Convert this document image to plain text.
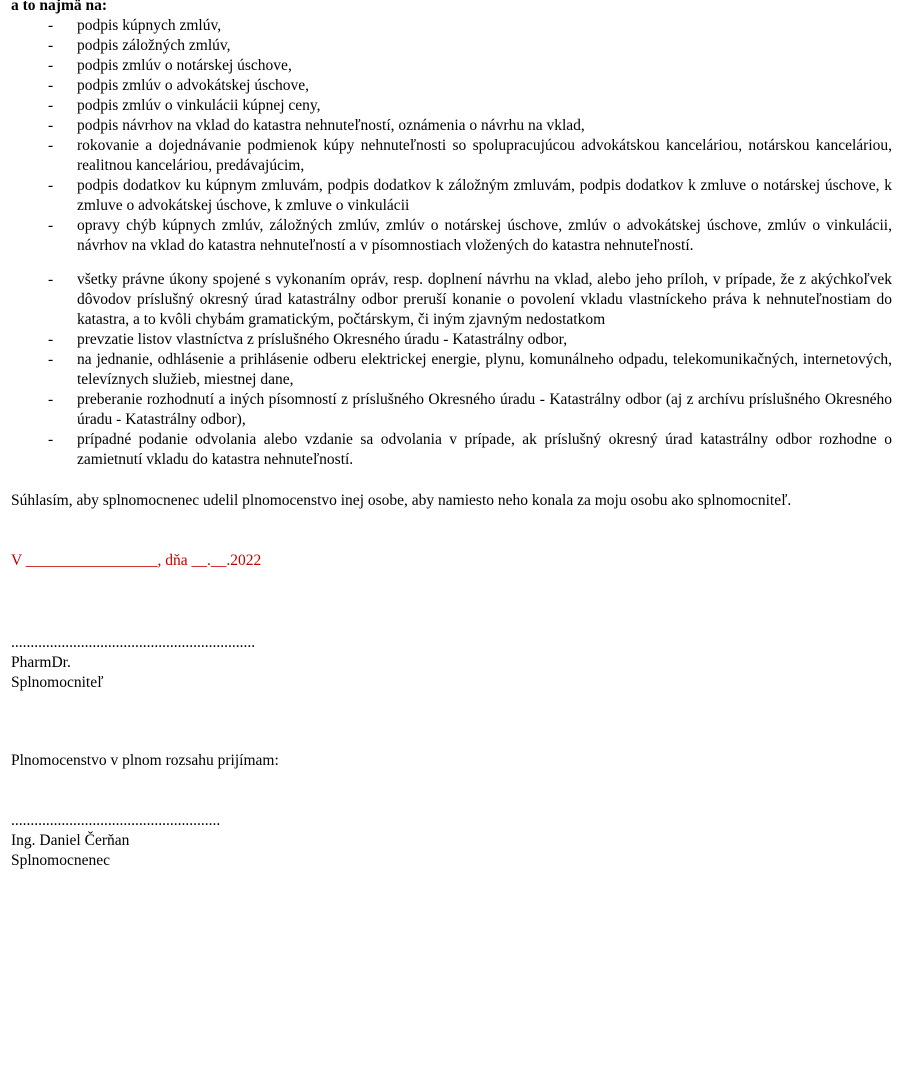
a to najmä na:
- podpis kúpnych zmlúv,
- podpis záložných zmlúv,
- podpis zmlúv o notárskej úschove,
- podpis zmlúv o advokátskej úschove,
- podpis zmlúv o vinkulácii kúpnej ceny,
- podpis návrhov na vklad do katastra nehnuteľností, oznámenia o návrhu na vklad,
- rokovanie a dojednávanie podmienok kúpy nehnuteľnosti so spolupracujúcou advokátskou kanceláriou, notárskou kanceláriou, realitnou kanceláriou, predávajúcim,
- podpis dodatkov ku kúpnym zmluvám, podpis dodatkov k záložným zmluvám, podpis dodatkov k zmluve o notárskej úschove, k zmluve o advokátskej úschove, k zmluve o vinkulácii
- opravy chýb kúpnych zmlúv, záložných zmlúv, zmlúv o notárskej úschove, zmlúv o advokátskej úschove, zmlúv o vinkulácii, návrhov na vklad do katastra nehnuteľností a v písomnostiach vložených do katastra nehnuteľností.
- všetky právne úkony spojené s vykonaním opráv, resp. doplnení návrhu na vklad, alebo jeho príloh, v prípade, že z akýchkoľvek dôvodov príslušný okresný úrad katastrálny odbor preruší konanie o povolení vkladu vlastníckeho práva k nehnuteľnostiam do katastra, a to kvôli chybám gramatickým, počtárskym, či iným zjavným nedostatkom
- prevzatie listov vlastníctva z príslušného Okresného úradu - Katastrálny odbor,
- na jednanie, odhlásenie a prihlásenie odberu elektrickej energie, plynu, komunálneho odpadu, telekomunikačných, internetových, televíznych služieb, miestnej dane,
- preberanie rozhodnutí a iných písomností z príslušného Okresného úradu - Katastrálny odbor (aj z archívu príslušného Okresného úradu - Katastrálny odbor),
- prípadné podanie odvolania alebo vzdanie sa odvolania v prípade, ak príslušný okresný úrad katastrálny odbor rozhodne o zamietnutí vkladu do katastra nehnuteľností.
Súhlasím, aby splnomocnenec udelil plnomocenstvo inej osobe, aby namiesto neho konala za moju osobu ako splnomocniteľ.
V _________________, dňa __.__.2022
...............................................................
PharmDr.
Splnomocniteľ
Plnomocenstvo v plnom rozsahu prijímam:
......................................................
Ing. Daniel Čerňan
Splnomocnenec
